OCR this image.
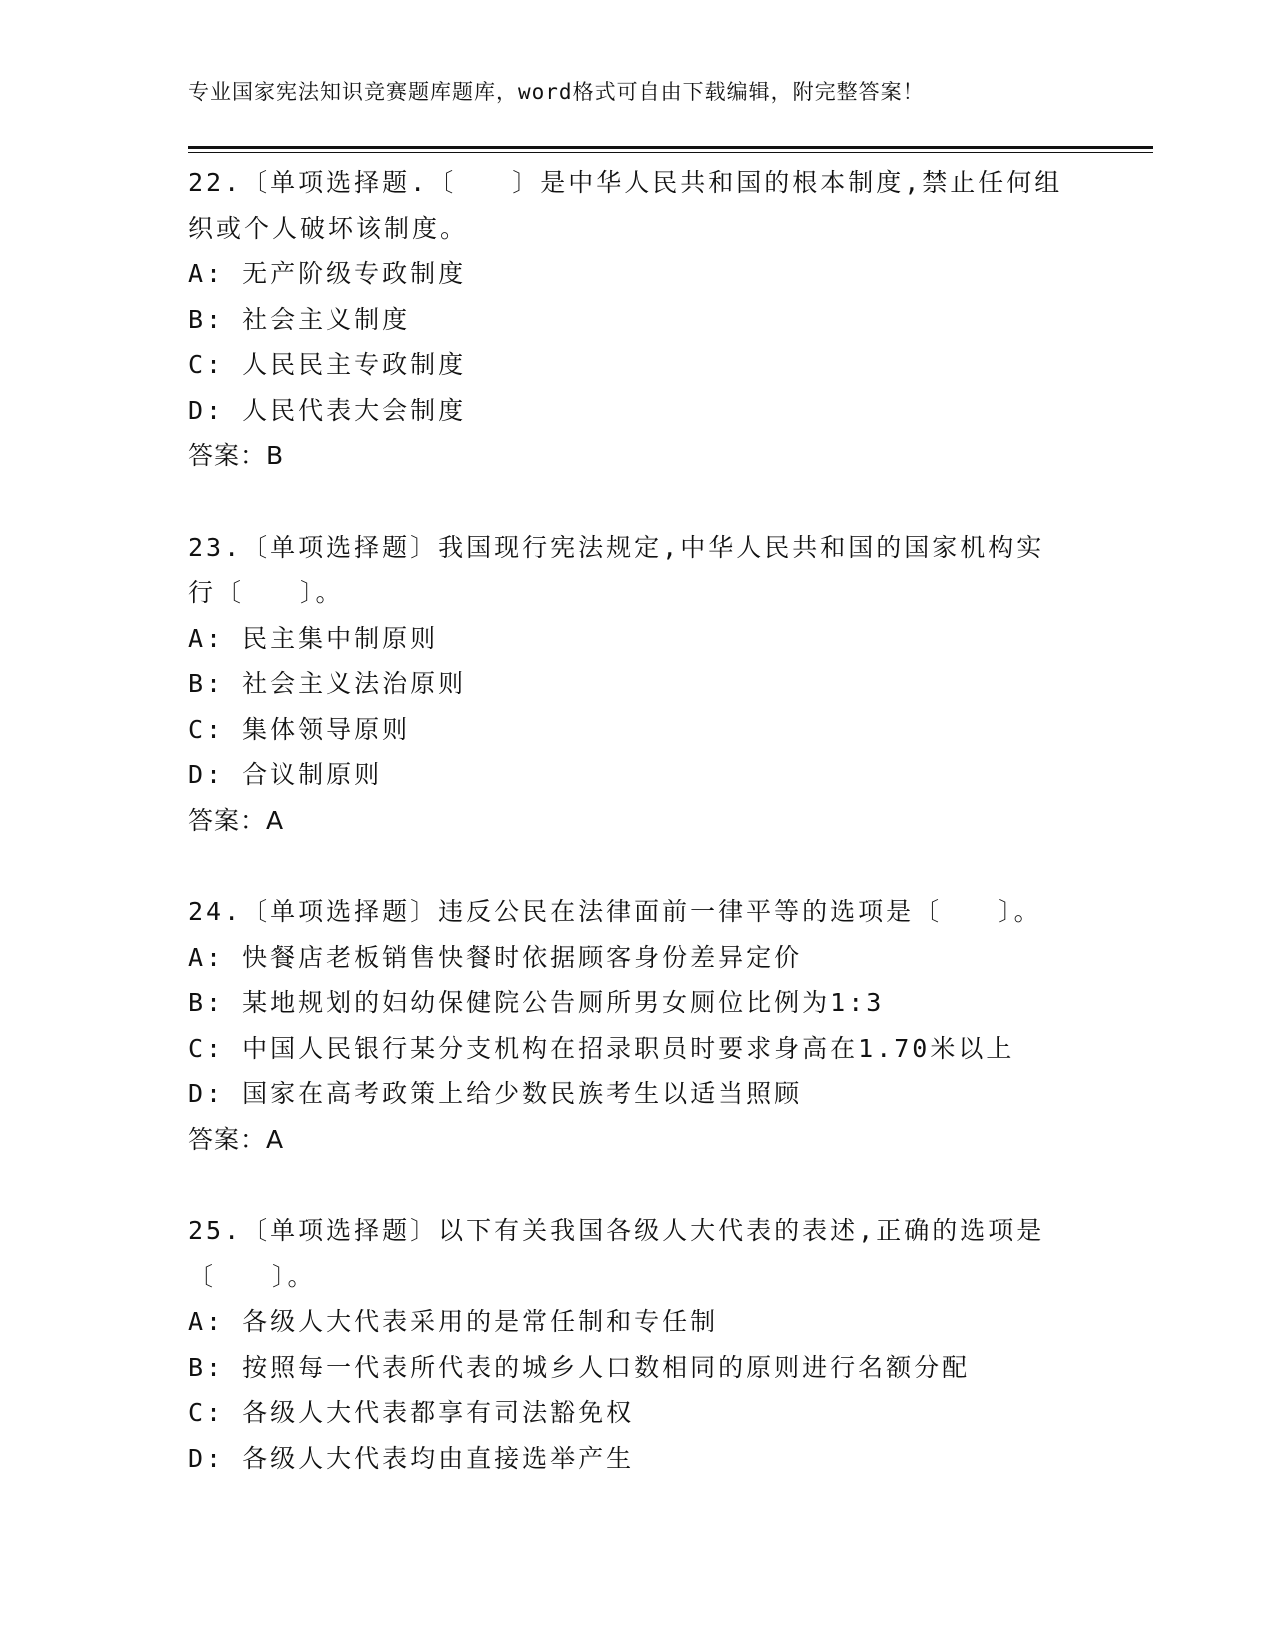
专业国家宪法知识竞赛题库题库，word格式可自由下载编辑，附完整答案！
22.〔单项选择题.〔　　〕是中华人民共和国的根本制度,禁止任何组
织或个人破坏该制度。
A: 无产阶级专政制度
B: 社会主义制度
C: 人民民主专政制度
D: 人民代表大会制度
答案：B
23.〔单项选择题〕我国现行宪法规定,中华人民共和国的国家机构实
行〔　　〕。
A: 民主集中制原则
B: 社会主义法治原则
C: 集体领导原则
D: 合议制原则
答案：A
24.〔单项选择题〕违反公民在法律面前一律平等的选项是〔　　〕。
A: 快餐店老板销售快餐时依据顾客身份差异定价
B: 某地规划的妇幼保健院公告厕所男女厕位比例为1:3
C: 中国人民银行某分支机构在招录职员时要求身高在1.70米以上
D: 国家在高考政策上给少数民族考生以适当照顾
答案：A
25.〔单项选择题〕以下有关我国各级人大代表的表述,正确的选项是
〔　　〕。
A: 各级人大代表采用的是常任制和专任制
B: 按照每一代表所代表的城乡人口数相同的原则进行名额分配
C: 各级人大代表都享有司法豁免权
D: 各级人大代表均由直接选举产生
